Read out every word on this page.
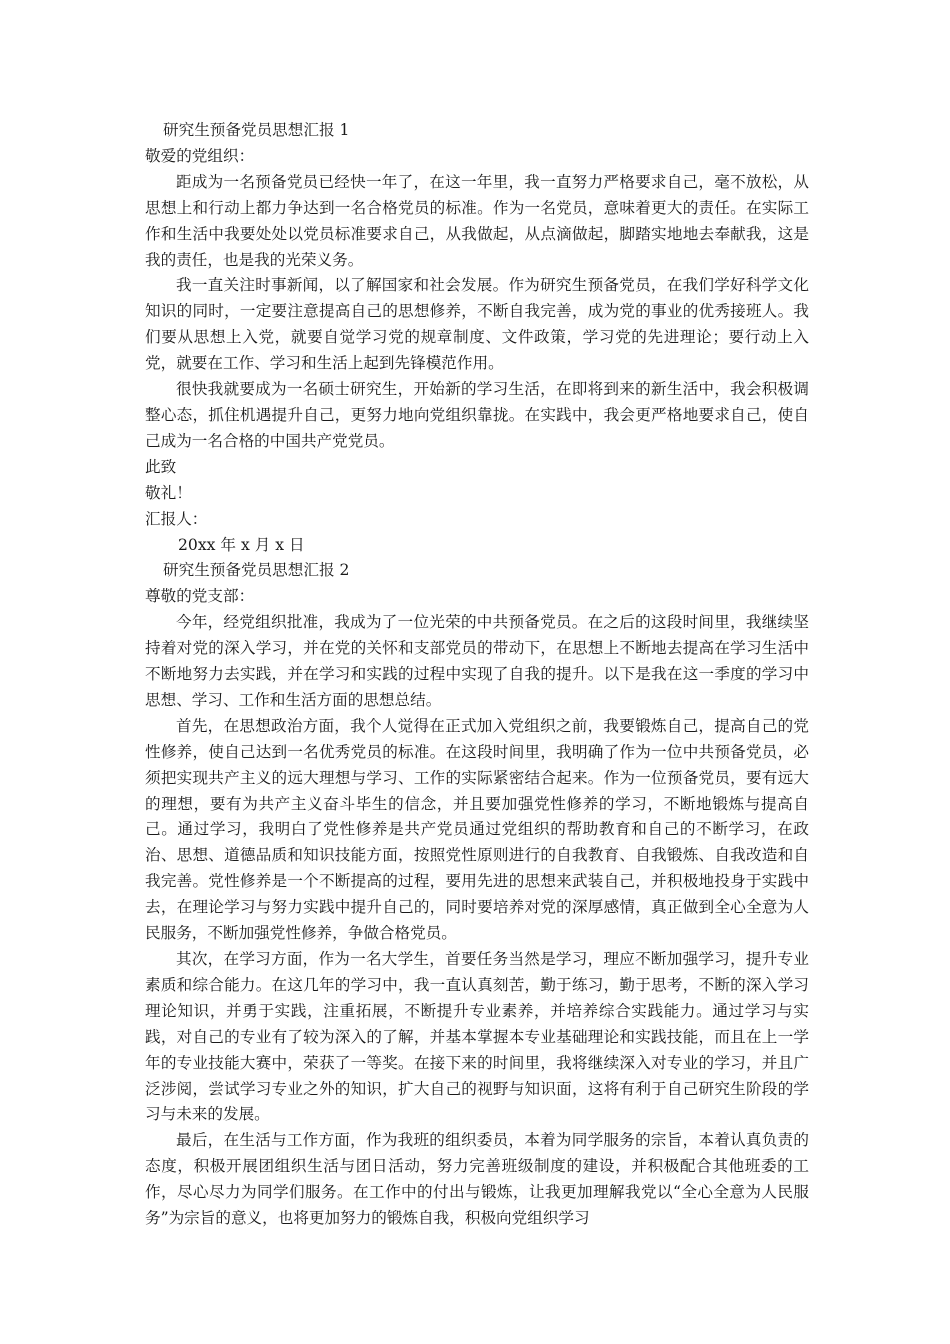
研究生预备党员思想汇报 1
敬爱的党组织：

距成为一名预备党员已经快一年了，在这一年里，我一直努力严格要求自己，毫不放松，从思想上和行动上都力争达到一名合格党员的标准。作为一名党员，意味着更大的责任。在实际工作和生活中我要处处以党员标准要求自己，从我做起，从点滴做起，脚踏实地地去奉献我，这是我的责任，也是我的光荣义务。

我一直关注时事新闻，以了解国家和社会发展。作为研究生预备党员，在我们学好科学文化知识的同时，一定要注意提高自己的思想修养，不断自我完善，成为党的事业的优秀接班人。我们要从思想上入党，就要自觉学习党的规章制度、文件政策，学习党的先进理论；要行动上入党，就要在工作、学习和生活上起到先锋模范作用。

很快我就要成为一名硕士研究生，开始新的学习生活，在即将到来的新生活中，我会积极调整心态，抓住机遇提升自己，更努力地向党组织靠拢。在实践中，我会更严格地要求自己，使自己成为一名合格的中国共产党党员。

此致
敬礼！
汇报人：
20xx 年 x 月 x 日
研究生预备党员思想汇报 2
尊敬的党支部：

今年，经党组织批准，我成为了一位光荣的中共预备党员。在之后的这段时间里，我继续坚持着对党的深入学习，并在党的关怀和支部党员的带动下，在思想上不断地去提高在学习生活中不断地努力去实践，并在学习和实践的过程中实现了自我的提升。以下是我在这一季度的学习中思想、学习、工作和生活方面的思想总结。

首先，在思想政治方面，我个人觉得在正式加入党组织之前，我要锻炼自己，提高自己的党性修养，使自己达到一名优秀党员的标准。在这段时间里，我明确了作为一位中共预备党员，必须把实现共产主义的远大理想与学习、工作的实际紧密结合起来。作为一位预备党员，要有远大的理想，要有为共产主义奋斗毕生的信念，并且要加强党性修养的学习，不断地锻炼与提高自己。通过学习，我明白了党性修养是共产党员通过党组织的帮助教育和自己的不断学习，在政治、思想、道德品质和知识技能方面，按照党性原则进行的自我教育、自我锻炼、自我改造和自我完善。党性修养是一个不断提高的过程，要用先进的思想来武装自己，并积极地投身于实践中去，在理论学习与努力实践中提升自己的，同时要培养对党的深厚感情，真正做到全心全意为人民服务，不断加强党性修养，争做合格党员。

其次，在学习方面，作为一名大学生，首要任务当然是学习，理应不断加强学习，提升专业素质和综合能力。在这几年的学习中，我一直认真刻苦，勤于练习，勤于思考，不断的深入学习理论知识，并勇于实践，注重拓展，不断提升专业素养，并培养综合实践能力。通过学习与实践，对自己的专业有了较为深入的了解，并基本掌握本专业基础理论和实践技能，而且在上一学年的专业技能大赛中，荣获了一等奖。在接下来的时间里，我将继续深入对专业的学习，并且广泛涉阅，尝试学习专业之外的知识，扩大自己的视野与知识面，这将有利于自己研究生阶段的学习与未来的发展。

最后，在生活与工作方面，作为我班的组织委员，本着为同学服务的宗旨，本着认真负责的态度，积极开展团组织生活与团日活动，努力完善班级制度的建设，并积极配合其他班委的工作，尽心尽力为同学们服务。在工作中的付出与锻炼，让我更加理解我党以“全心全意为人民服务”为宗旨的意义，也将更加努力的锻炼自我，积极向党组织学习
